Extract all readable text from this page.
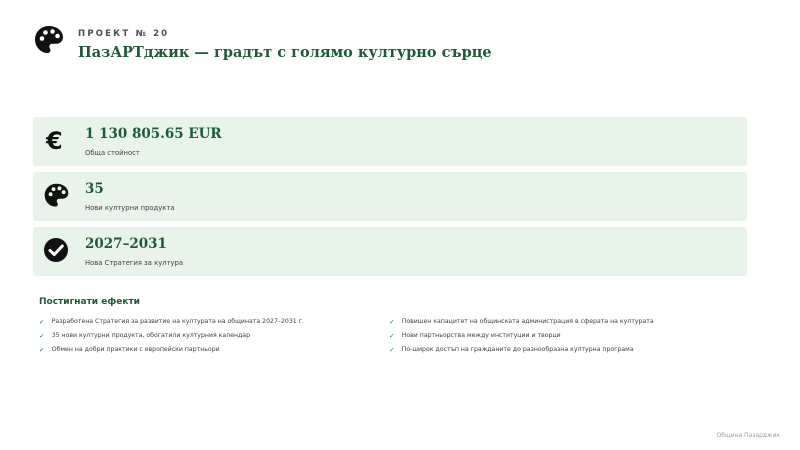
ПРОЕКТ № 20
ПазАРТджик — градът с голямо културно сърце
€ 1 130 805.65 EUR
Обща стойност
35
Нови културни продукта
2027–2031
Нова Стратегия за култура
Постигнати ефекти
✓ Разработена Стратегия за развитие на културата на общината 2027–2031 г.
✓ 35 нови културни продукта, обогатили културния календар
✓ Обмен на добри практики с европейски партньори
✓ Повишен капацитет на общинската администрация в сферата на културата
✓ Нови партньорства между институции и творци
✓ По-широк достъп на гражданите до разнообразна културна програма
Община Пазарджик
